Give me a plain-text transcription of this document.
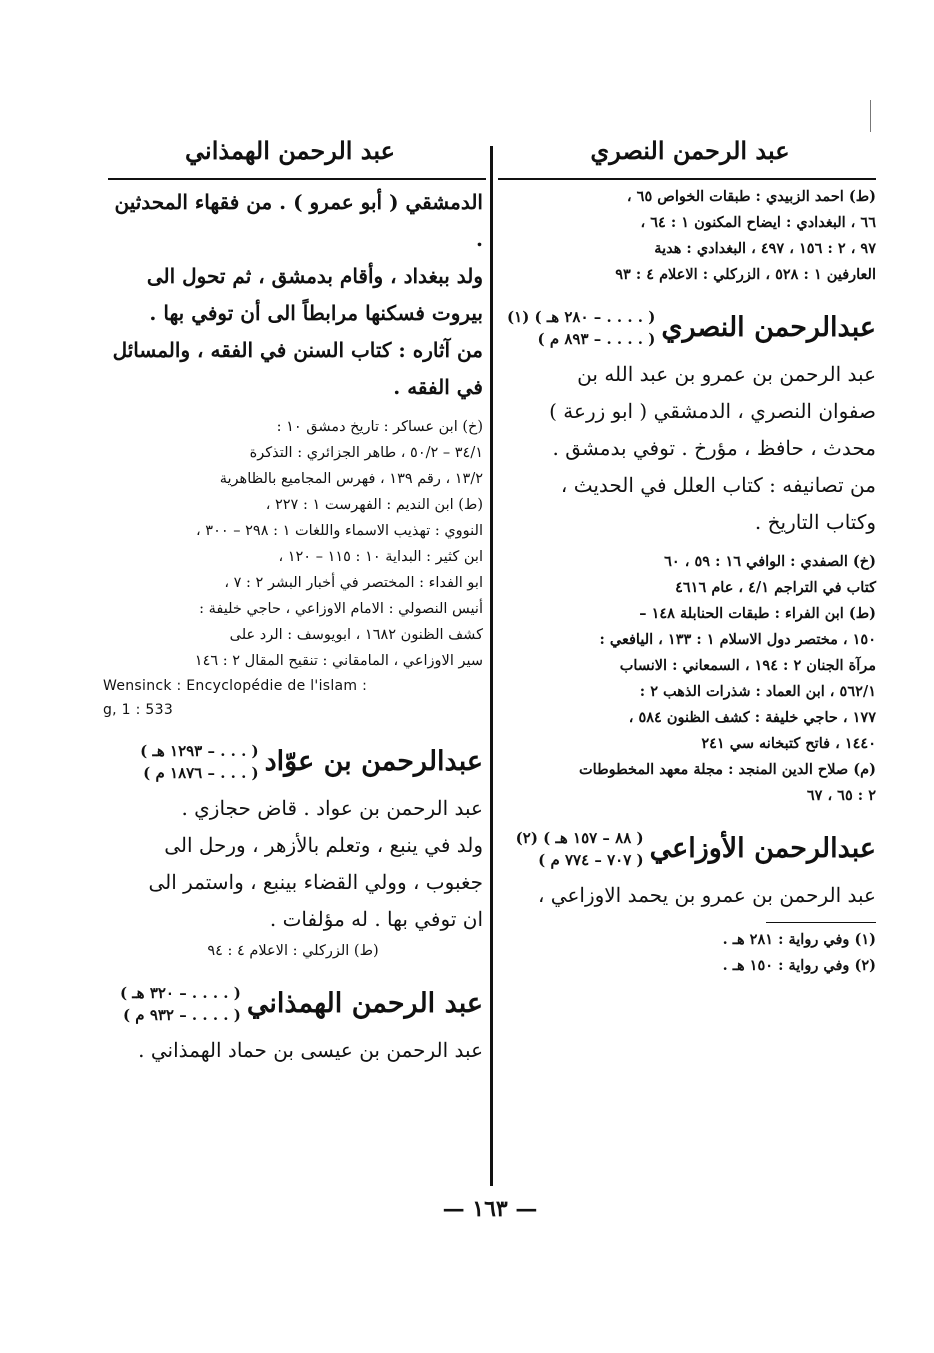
عبد الرحمن النصري
عبد الرحمن الهمذاني

(ط) احمد الزبيدي : طبقات الخواص ٦٥ ،

٦٦ ، البغدادي : ايضاح المكنون ١ : ٦٤ ،

٩٧ ، ٢ : ١٥٦ ، ٤٩٧ ، البغدادي : هدية

العارفين ١ : ٥٢٨ ، الزركلي : الاعلام ٤ : ٩٣

عبدالرحمن النصري
( . . . . – ٢٨٠ هـ ) (١)
( . . . . – ٨٩٣ م )

عبد الرحمن بن عمرو بن عبد الله بن

صفوان النصري ، الدمشقي ( ابو زرعة )

محدث ، حافظ ، مؤرخ . توفي بدمشق .

من تصانيفه : كتاب العلل في الحديث ،

وكتاب التاريخ .

(خ) الصفدي : الوافي ١٦ : ٥٩ ، ٦٠

كتاب في التراجم ٤/١ ، عام ٤٦١٦

(ط) ابن الفراء : طبقات الحنابلة ١٤٨ –

١٥٠ ، مختصر دول الاسلام ١ : ١٣٣ ، اليافعي :

مرآة الجنان ٢ : ١٩٤ ، السمعاني : الانساب

٥٦٢/١ ، ابن العماد : شذرات الذهب ٢ :

١٧٧ ، حاجي خليفة : كشف الظنون ٥٨٤ ،

١٤٤٠ ، فاتح كتبخانه سي ٢٤١

(م) صلاح الدين المنجد : مجلة معهد المخطوطات

٢ : ٦٥ ، ٦٧

عبدالرحمن الأوزاعي
( ٨٨ – ١٥٧ هـ ) (٢)
( ٧٠٧ – ٧٧٤ م )

عبد الرحمن بن عمرو بن يحمد الاوزاعي ،

(١) وفي رواية : ٢٨١ هـ .

(٢) وفي رواية : ١٥٠ هـ .

الدمشقي ( أبو عمرو ) . من فقهاء المحدثين .

ولد ببغداد ، وأقام بدمشق ، ثم تحول الى

بيروت فسكنها مرابطاً الى أن توفي بها .

من آثاره : كتاب السنن في الفقه ، والمسائل

في الفقه .

(خ) ابن عساكر : تاريخ دمشق ١٠ :

٣٤/١ – ٥٠/٢ ، طاهر الجزائري : التذكرة

١٣/٢ ، رقم ١٣٩ ، فهرس المجاميع بالظاهرية

(ط) ابن النديم : الفهرست ١ : ٢٢٧ ،

النووي : تهذيب الاسماء واللغات ١ : ٢٩٨ – ٣٠٠ ،

ابن كثير : البداية ١٠ : ١١٥ – ١٢٠ ،

ابو الفداء : المختصر في أخبار البشر ٢ : ٧ ،

أنيس النصولي : الامام الاوزاعي ، حاجي خليفة :

كشف الظنون ١٦٨٢ ، ابويوسف : الرد على

سير الاوزاعي ، المامقاني : تنقيح المقال ٢ : ١٤٦

Wensinck : Encyclopédie de l'islam :

g, 1 : 533

عبدالرحمن بن عوّاد
( . . . – ١٢٩٣ هـ )
( . . . – ١٨٧٦ م )

عبد الرحمن بن عواد . قاض حجازي .

ولد في ينبع ، وتعلم بالأزهر ، ورحل الى

جغبوب ، وولي القضاء بينبع ، واستمر الى

ان توفي بها . له مؤلفات .

(ط) الزركلي : الاعلام ٤ : ٩٤

عبد الرحمن الهمذاني
( . . . . – ٣٢٠ هـ )
( . . . . – ٩٣٢ م )

عبد الرحمن بن عيسى بن حماد الهمذاني .

— ١٦٣ —
